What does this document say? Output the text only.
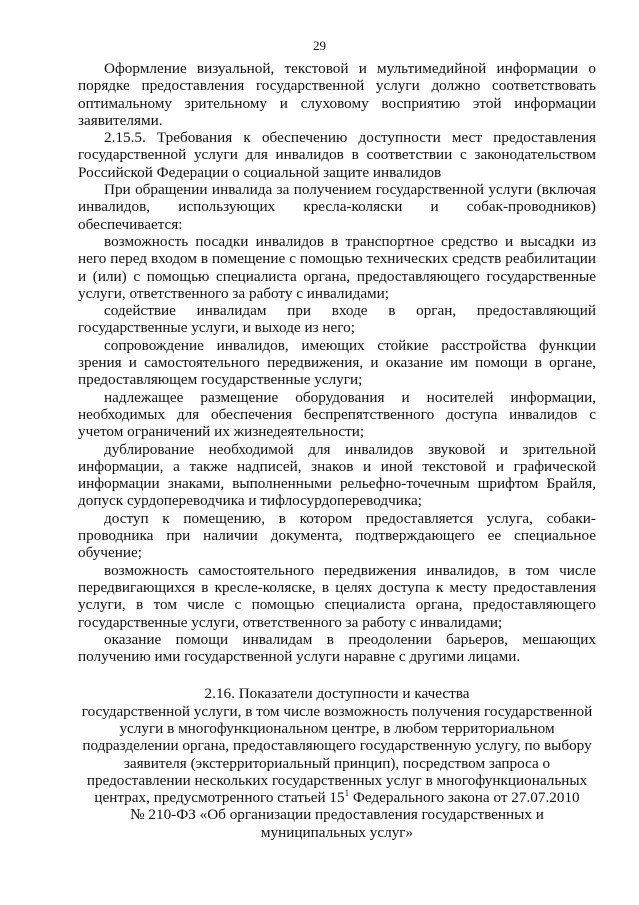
29

Оформление визуальной, текстовой и мультимедийной информации о порядке предоставления государственной услуги должно соответствовать оптимальному зрительному и слуховому восприятию этой информации заявителями.

2.15.5. Требования к обеспечению доступности мест предоставления государственной услуги для инвалидов в соответствии с законодательством Российской Федерации о социальной защите инвалидов

При обращении инвалида за получением государственной услуги (включая инвалидов, использующих кресла-коляски и собак-проводников) обеспечивается:

возможность посадки инвалидов в транспортное средство и высадки из него перед входом в помещение с помощью технических средств реабилитации и (или) с помощью специалиста органа, предоставляющего государственные услуги, ответственного за работу с инвалидами;

содействие инвалидам при входе в орган, предоставляющий государственные услуги, и выходе из него;

сопровождение инвалидов, имеющих стойкие расстройства функции зрения и самостоятельного передвижения, и оказание им помощи в органе, предоставляющем государственные услуги;

надлежащее размещение оборудования и носителей информации, необходимых для обеспечения беспрепятственного доступа инвалидов с учетом ограничений их жизнедеятельности;

дублирование необходимой для инвалидов звуковой и зрительной информации, а также надписей, знаков и иной текстовой и графической информации знаками, выполненными рельефно-точечным шрифтом Брайля, допуск сурдопереводчика и тифлосурдопереводчика;

доступ к помещению, в котором предоставляется услуга, собаки-проводника при наличии документа, подтверждающего ее специальное обучение;

возможность самостоятельного передвижения инвалидов, в том числе передвигающихся в кресле-коляске, в целях доступа к месту предоставления услуги, в том числе с помощью специалиста органа, предоставляющего государственные услуги, ответственного за работу с инвалидами;

оказание помощи инвалидам в преодолении барьеров, мешающих получению ими государственной услуги наравне с другими лицами.

2.16. Показатели доступности и качества

государственной услуги, в том числе возможность получения государственной

услуги в многофункциональном центре, в любом территориальном

подразделении органа, предоставляющего государственную услугу, по выбору

заявителя (экстерриториальный принцип), посредством запроса о

предоставлении нескольких государственных услуг в многофункциональных

центрах, предусмотренного статьей $15^1$ Федерального закона от 27.07.2010

№ 210-ФЗ «Об организации предоставления государственных и

муниципальных услуг»
